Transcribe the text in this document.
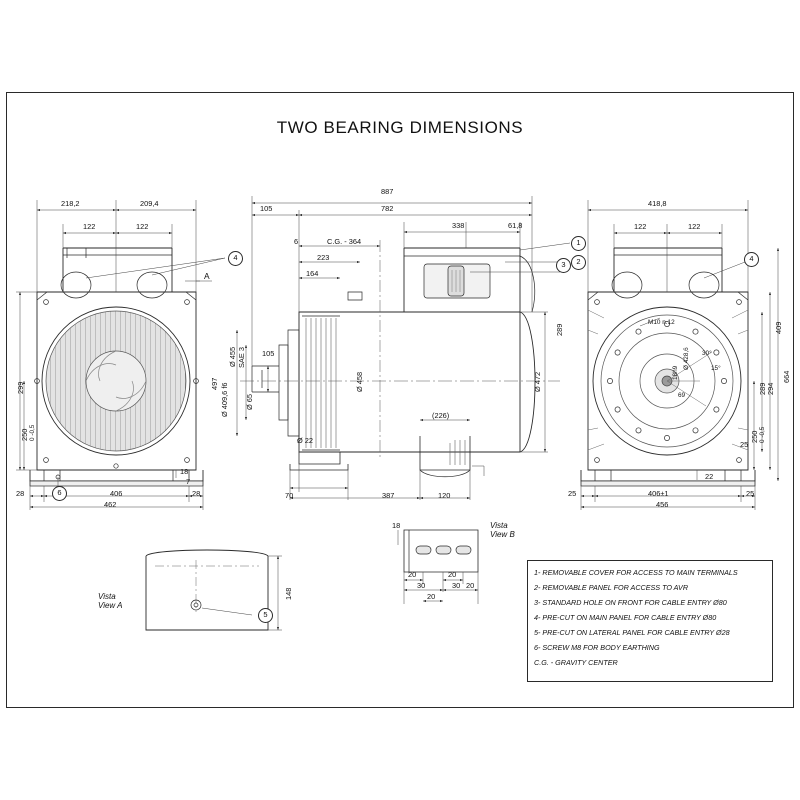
TWO BEARING DIMENSIONS
218,2	209,4
122	122
299
250 0 -0,5
406
462
28	28
18
7
A
4
6
887
782
105
338	61,8
C.G. - 364
6
223
164
105
SAE 3
Ø 455
Ø 409,6 f6 Ø 65
Ø 22
Ø 458	Ø 472
497
289
(226)
70	387	120
1
2
3
418,8
122	122
289 294
409
664
250 0 -0,5
M10 n.12
Ø 428,6
18h9
69
30°
15°
406±1
456
25	25
22
25
4
Vista
View A
148
5
Vista
View B
18
20	20
20
20
30	30
1- REMOVABLE COVER FOR ACCESS TO MAIN TERMINALS
2- REMOVABLE PANEL FOR ACCESS TO AVR
3- STANDARD HOLE ON FRONT FOR CABLE ENTRY Ø80
4- PRE-CUT ON MAIN PANEL FOR CABLE ENTRY Ø80
5- PRE-CUT ON LATERAL PANEL FOR CABLE ENTRY Ø28
6- SCREW M8 FOR BODY EARTHING
C.G. - GRAVITY CENTER
